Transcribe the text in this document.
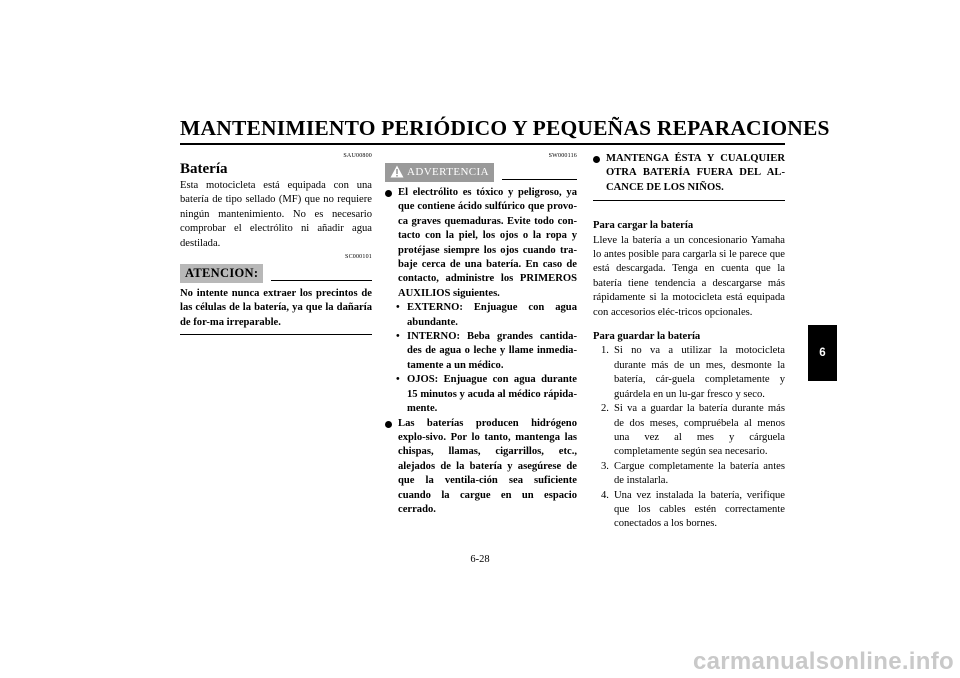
MANTENIMIENTO PERIÓDICO Y PEQUEÑAS REPARACIONES
SAU00800
Batería
Esta motocicleta está equipada con una batería de tipo sellado (MF) que no requiere ningún mantenimiento. No es necesario comprobar el electrólito ni añadir agua destilada.
SC000101
ATENCION:
No intente nunca extraer los precintos de las células de la batería, ya que la dañaría de for-ma irreparable.
SW000116
ADVERTENCIA
El electrólito es tóxico y peligroso, ya que contiene ácido sulfúrico que provo-ca graves quemaduras. Evite todo con-tacto con la piel, los ojos o la ropa y protéjase siempre los ojos cuando tra-baje cerca de una batería. En caso de contacto, administre los PRIMEROS AUXILIOS siguientes.
• EXTERNO: Enjuague con agua abundante.
• INTERNO: Beba grandes cantida-des de agua o leche y llame inmedia-tamente a un médico.
• OJOS: Enjuague con agua durante 15 minutos y acuda al médico rápida-mente.
Las baterías producen hidrógeno explo-sivo. Por lo tanto, mantenga las chispas, llamas, cigarrillos, etc., alejados de la batería y asegúrese de que la ventila-ción sea suficiente cuando la cargue en un espacio cerrado.
MANTENGA ÉSTA Y CUALQUIER OTRA BATERÍA FUERA DEL AL-CANCE DE LOS NIÑOS.
Para cargar la batería
Lleve la batería a un concesionario Yamaha lo antes posible para cargarla si le parece que está descargada. Tenga en cuenta que la batería tiene tendencia a descargarse más rápidamente si la motocicleta está equipada con accesorios eléc-tricos opcionales.
Para guardar la batería
1. Si no va a utilizar la motocicleta durante más de un mes, desmonte la batería, cár-guela completamente y guárdela en un lu-gar fresco y seco.
2. Si va a guardar la batería durante más de dos meses, compruébela al menos una vez al mes y cárguela completamente según sea necesario.
3. Cargue completamente la batería antes de instalarla.
4. Una vez instalada la batería, verifique que los cables estén correctamente conectados a los bornes.
6
6-28
carmanualsonline.info
